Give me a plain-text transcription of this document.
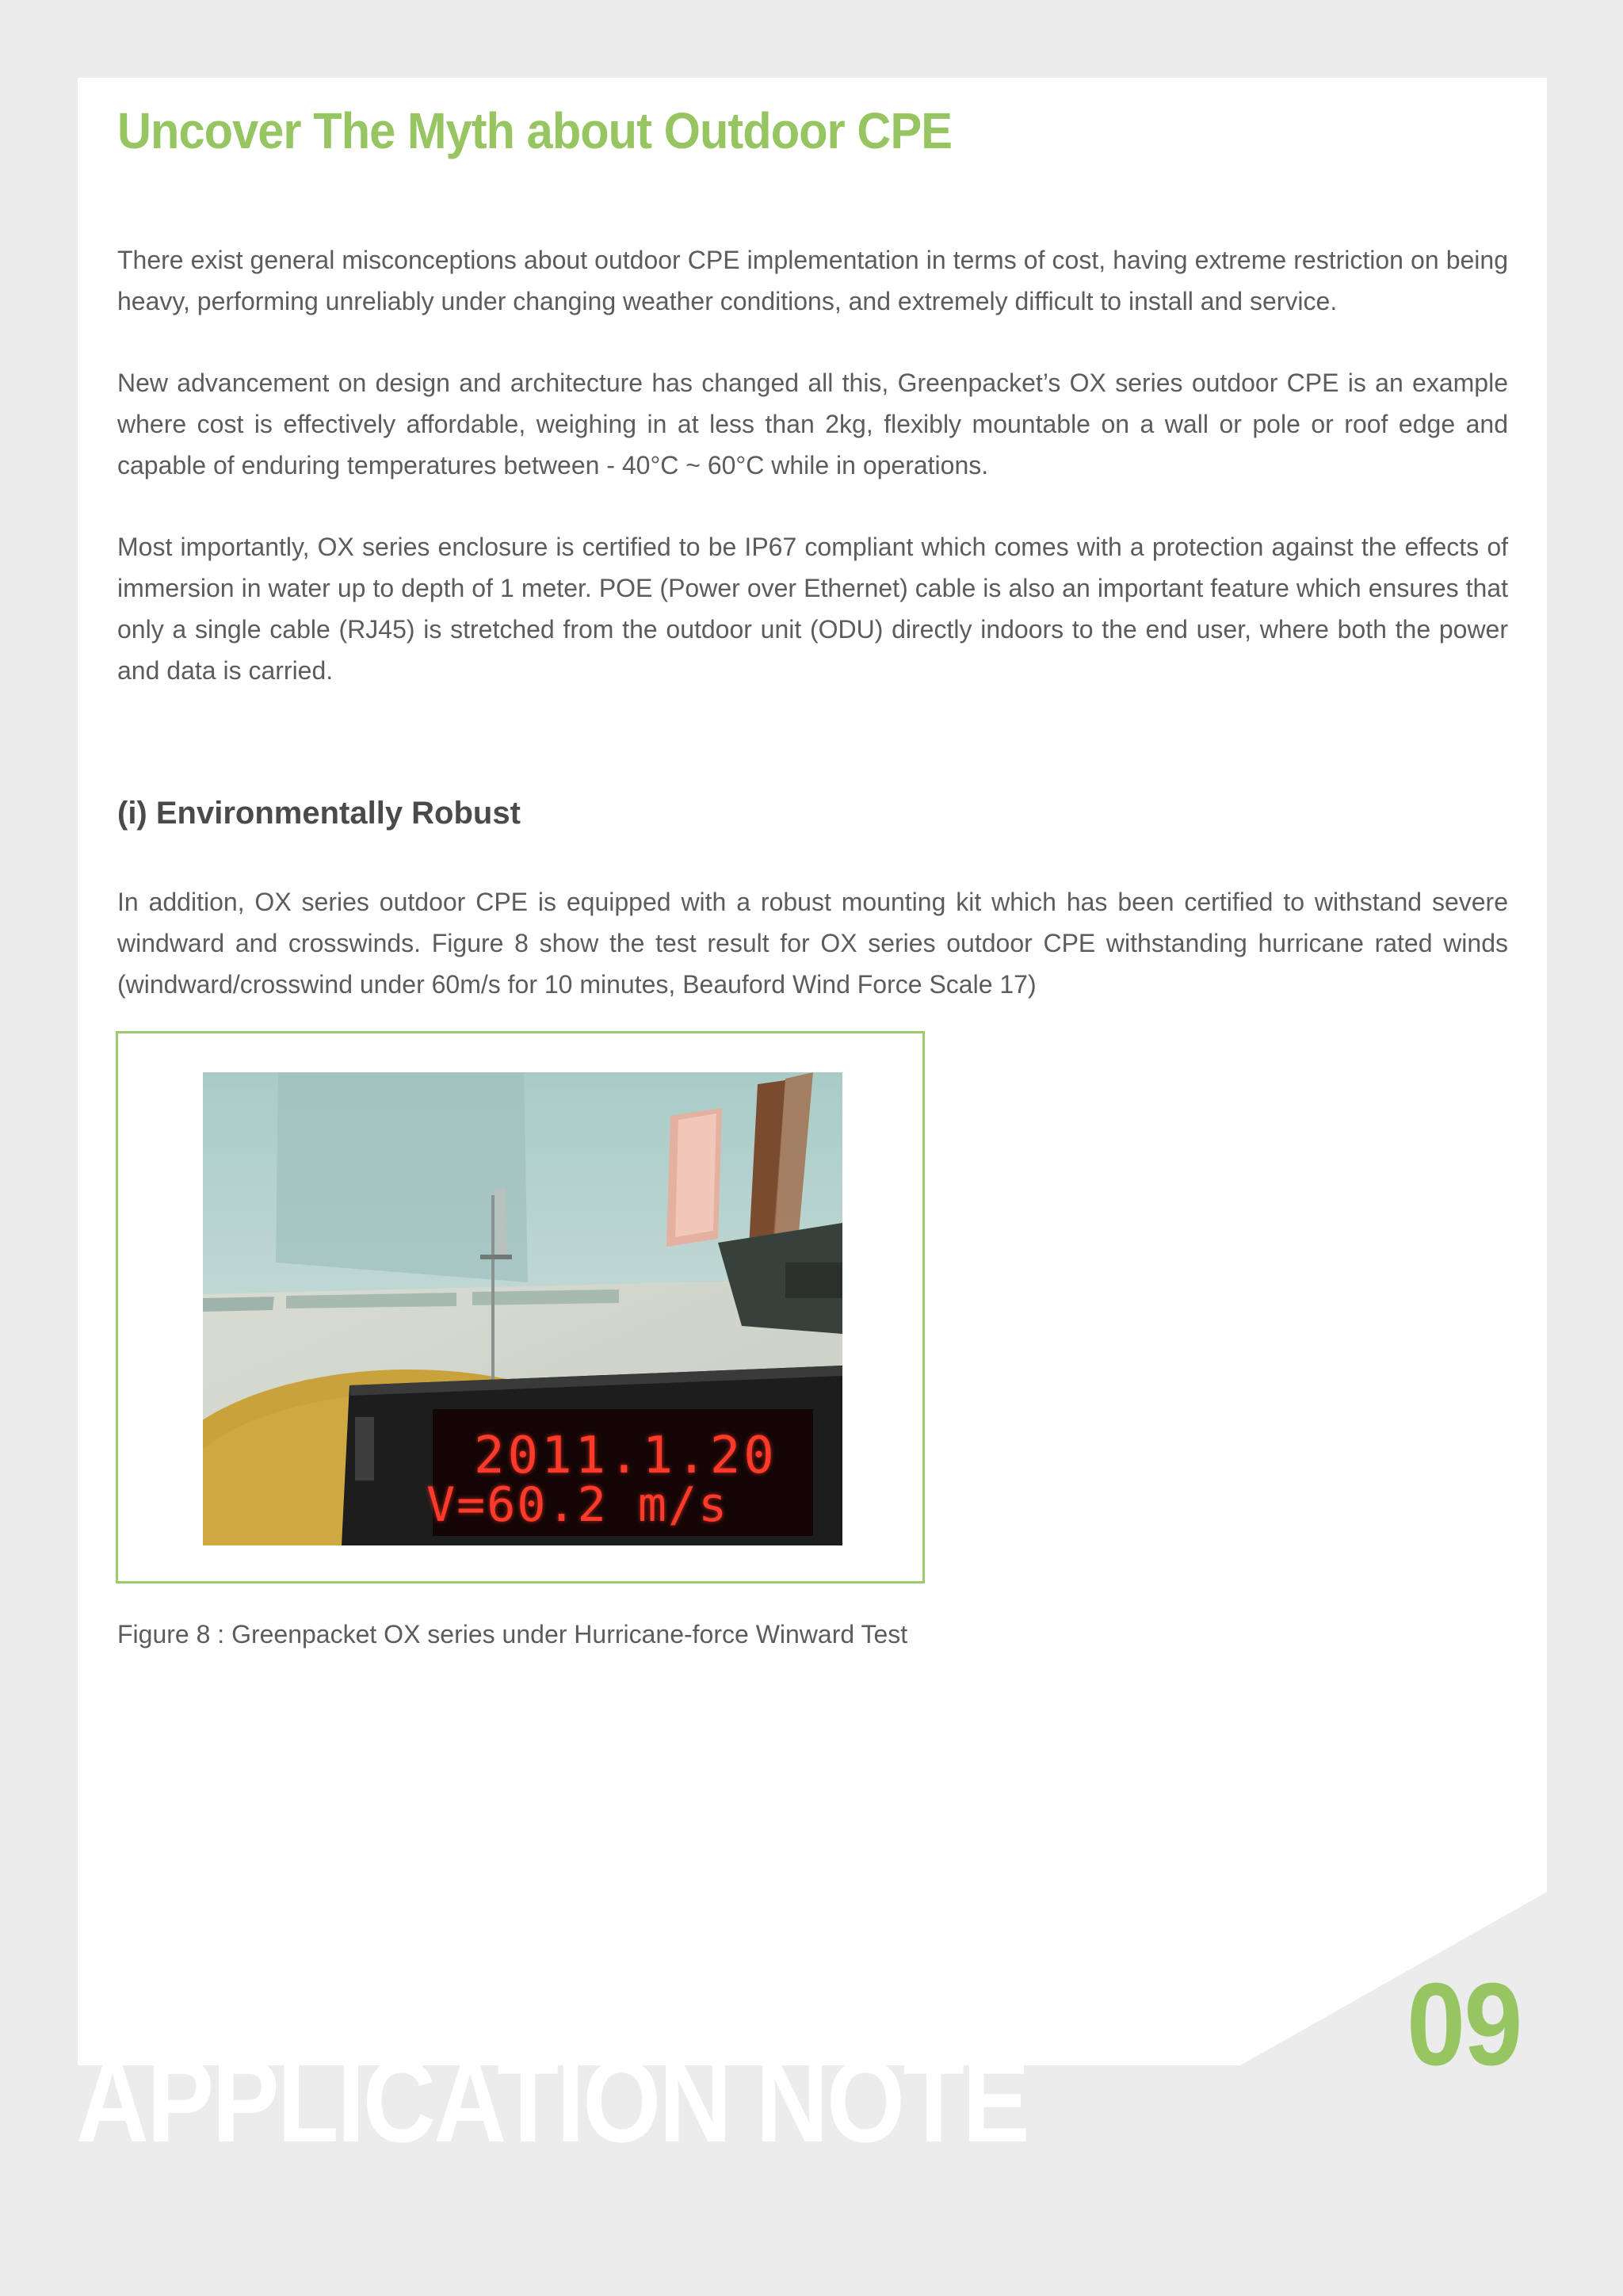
Uncover The Myth about Outdoor CPE

There exist general misconceptions about outdoor CPE implementation in terms of cost, having extreme restriction on being heavy, performing unreliably under changing weather conditions, and extremely difficult to install and service.

New advancement on design and architecture has changed all this, Greenpacket’s OX series outdoor CPE is an example where cost is effectively affordable, weighing in at less than 2kg, flexibly mountable on a wall or pole or roof edge and capable of enduring temperatures between - 40°C ~ 60°C while in operations.

Most importantly, OX series enclosure is certified to be IP67 compliant which comes with a protection against the effects of immersion in water up to depth of 1 meter. POE (Power over Ethernet) cable is also an important feature which ensures that only a single cable (RJ45) is stretched from the outdoor unit (ODU) directly indoors to the end user, where both the power and data is carried.

(i) Environmentally Robust

In addition, OX series outdoor CPE is equipped with a robust mounting kit which has been certified to withstand severe windward and crosswinds. Figure 8 show the test result for OX series outdoor CPE withstanding hurricane rated winds (windward/crosswind under 60m/s for 10 minutes, Beauford Wind Force Scale 17)

2011.1.20
V=60.2 m/s

Figure 8 : Greenpacket OX series under Hurricane-force Winward Test

09
APPLICATION NOTE
